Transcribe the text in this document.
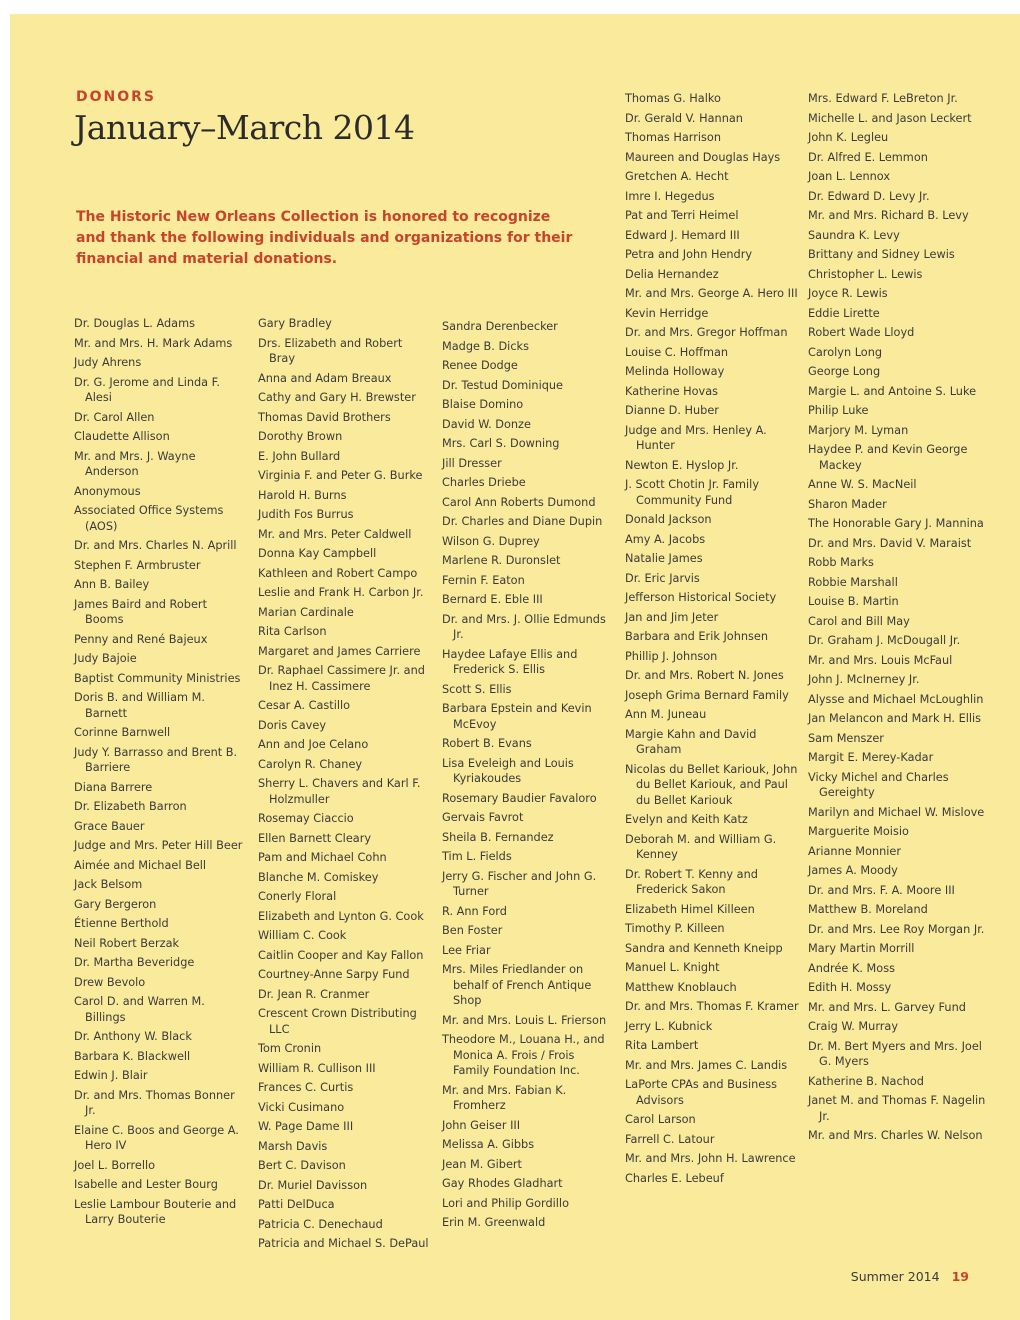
DONORS
January–March 2014
The Historic New Orleans Collection is honored to recognize and thank the following individuals and organizations for their financial and material donations.
Dr. Douglas L. Adams
Mr. and Mrs. H. Mark Adams
Judy Ahrens
Dr. G. Jerome and Linda F. Alesi
Dr. Carol Allen
Claudette Allison
Mr. and Mrs. J. Wayne Anderson
Anonymous
Associated Office Systems (AOS)
Dr. and Mrs. Charles N. Aprill
Stephen F. Armbruster
Ann B. Bailey
James Baird and Robert Booms
Penny and René Bajeux
Judy Bajoie
Baptist Community Ministries
Doris B. and William M. Barnett
Corinne Barnwell
Judy Y. Barrasso and Brent B. Barriere
Diana Barrere
Dr. Elizabeth Barron
Grace Bauer
Judge and Mrs. Peter Hill Beer
Aimée and Michael Bell
Jack Belsom
Gary Bergeron
Étienne Berthold
Neil Robert Berzak
Dr. Martha Beveridge
Drew Bevolo
Carol D. and Warren M. Billings
Dr. Anthony W. Black
Barbara K. Blackwell
Edwin J. Blair
Dr. and Mrs. Thomas Bonner Jr.
Elaine C. Boos and George A. Hero IV
Joel L. Borrello
Isabelle and Lester Bourg
Leslie Lambour Bouterie and Larry Bouterie
Gary Bradley
Drs. Elizabeth and Robert Bray
Anna and Adam Breaux
Cathy and Gary H. Brewster
Thomas David Brothers
Dorothy Brown
E. John Bullard
Virginia F. and Peter G. Burke
Harold H. Burns
Judith Fos Burrus
Mr. and Mrs. Peter Caldwell
Donna Kay Campbell
Kathleen and Robert Campo
Leslie and Frank H. Carbon Jr.
Marian Cardinale
Rita Carlson
Margaret and James Carriere
Dr. Raphael Cassimere Jr. and Inez H. Cassimere
Cesar A. Castillo
Doris Cavey
Ann and Joe Celano
Carolyn R. Chaney
Sherry L. Chavers and Karl F. Holzmuller
Rosemay Ciaccio
Ellen Barnett Cleary
Pam and Michael Cohn
Blanche M. Comiskey
Conerly Floral
Elizabeth and Lynton G. Cook
William C. Cook
Caitlin Cooper and Kay Fallon
Courtney-Anne Sarpy Fund
Dr. Jean R. Cranmer
Crescent Crown Distributing LLC
Tom Cronin
William R. Cullison III
Frances C. Curtis
Vicki Cusimano
W. Page Dame III
Marsh Davis
Bert C. Davison
Dr. Muriel Davisson
Patti DelDuca
Patricia C. Denechaud
Patricia and Michael S. DePaul
Sandra Derenbecker
Madge B. Dicks
Renee Dodge
Dr. Testud Dominique
Blaise Domino
David W. Donze
Mrs. Carl S. Downing
Jill Dresser
Charles Driebe
Carol Ann Roberts Dumond
Dr. Charles and Diane Dupin
Wilson G. Duprey
Marlene R. Duronslet
Fernin F. Eaton
Bernard E. Eble III
Dr. and Mrs. J. Ollie Edmunds Jr.
Haydee Lafaye Ellis and Frederick S. Ellis
Scott S. Ellis
Barbara Epstein and Kevin McEvoy
Robert B. Evans
Lisa Eveleigh and Louis Kyriakoudes
Rosemary Baudier Favaloro
Gervais Favrot
Sheila B. Fernandez
Tim L. Fields
Jerry G. Fischer and John G. Turner
R. Ann Ford
Ben Foster
Lee Friar
Mrs. Miles Friedlander on behalf of French Antique Shop
Mr. and Mrs. Louis L. Frierson
Theodore M., Louana H., and Monica A. Frois / Frois Family Foundation Inc.
Mr. and Mrs. Fabian K. Fromherz
John Geiser III
Melissa A. Gibbs
Jean M. Gibert
Gay Rhodes Gladhart
Lori and Philip Gordillo
Erin M. Greenwald
Thomas G. Halko
Dr. Gerald V. Hannan
Thomas Harrison
Maureen and Douglas Hays
Gretchen A. Hecht
Imre I. Hegedus
Pat and Terri Heimel
Edward J. Hemard III
Petra and John Hendry
Delia Hernandez
Mr. and Mrs. George A. Hero III
Kevin Herridge
Dr. and Mrs. Gregor Hoffman
Louise C. Hoffman
Melinda Holloway
Katherine Hovas
Dianne D. Huber
Judge and Mrs. Henley A. Hunter
Newton E. Hyslop Jr.
J. Scott Chotin Jr. Family Community Fund
Donald Jackson
Amy A. Jacobs
Natalie James
Dr. Eric Jarvis
Jefferson Historical Society
Jan and Jim Jeter
Barbara and Erik Johnsen
Phillip J. Johnson
Dr. and Mrs. Robert N. Jones
Joseph Grima Bernard Family
Ann M. Juneau
Margie Kahn and David Graham
Nicolas du Bellet Kariouk, John du Bellet Kariouk, and Paul du Bellet Kariouk
Evelyn and Keith Katz
Deborah M. and William G. Kenney
Dr. Robert T. Kenny and Frederick Sakon
Elizabeth Himel Killeen
Timothy P. Killeen
Sandra and Kenneth Kneipp
Manuel L. Knight
Matthew Knoblauch
Dr. and Mrs. Thomas F. Kramer
Jerry L. Kubnick
Rita Lambert
Mr. and Mrs. James C. Landis
LaPorte CPAs and Business Advisors
Carol Larson
Farrell C. Latour
Mr. and Mrs. John H. Lawrence
Charles E. Lebeuf
Mrs. Edward F. LeBreton Jr.
Michelle L. and Jason Leckert
John K. Legleu
Dr. Alfred E. Lemmon
Joan L. Lennox
Dr. Edward D. Levy Jr.
Mr. and Mrs. Richard B. Levy
Saundra K. Levy
Brittany and Sidney Lewis
Christopher L. Lewis
Joyce R. Lewis
Eddie Lirette
Robert Wade Lloyd
Carolyn Long
George Long
Margie L. and Antoine S. Luke
Philip Luke
Marjory M. Lyman
Haydee P. and Kevin George Mackey
Anne W. S. MacNeil
Sharon Mader
The Honorable Gary J. Mannina
Dr. and Mrs. David V. Maraist
Robb Marks
Robbie Marshall
Louise B. Martin
Carol and Bill May
Dr. Graham J. McDougall Jr.
Mr. and Mrs. Louis McFaul
John J. McInerney Jr.
Alysse and Michael McLoughlin
Jan Melancon and Mark H. Ellis
Sam Menszer
Margit E. Merey-Kadar
Vicky Michel and Charles Gereighty
Marilyn and Michael W. Mislove
Marguerite Moisio
Arianne Monnier
James A. Moody
Dr. and Mrs. F. A. Moore III
Matthew B. Moreland
Dr. and Mrs. Lee Roy Morgan Jr.
Mary Martin Morrill
Andrée K. Moss
Edith H. Mossy
Mr. and Mrs. L. Garvey Fund
Craig W. Murray
Dr. M. Bert Myers and Mrs. Joel G. Myers
Katherine B. Nachod
Janet M. and Thomas F. Nagelin Jr.
Mr. and Mrs. Charles W. Nelson
Summer 2014 19
